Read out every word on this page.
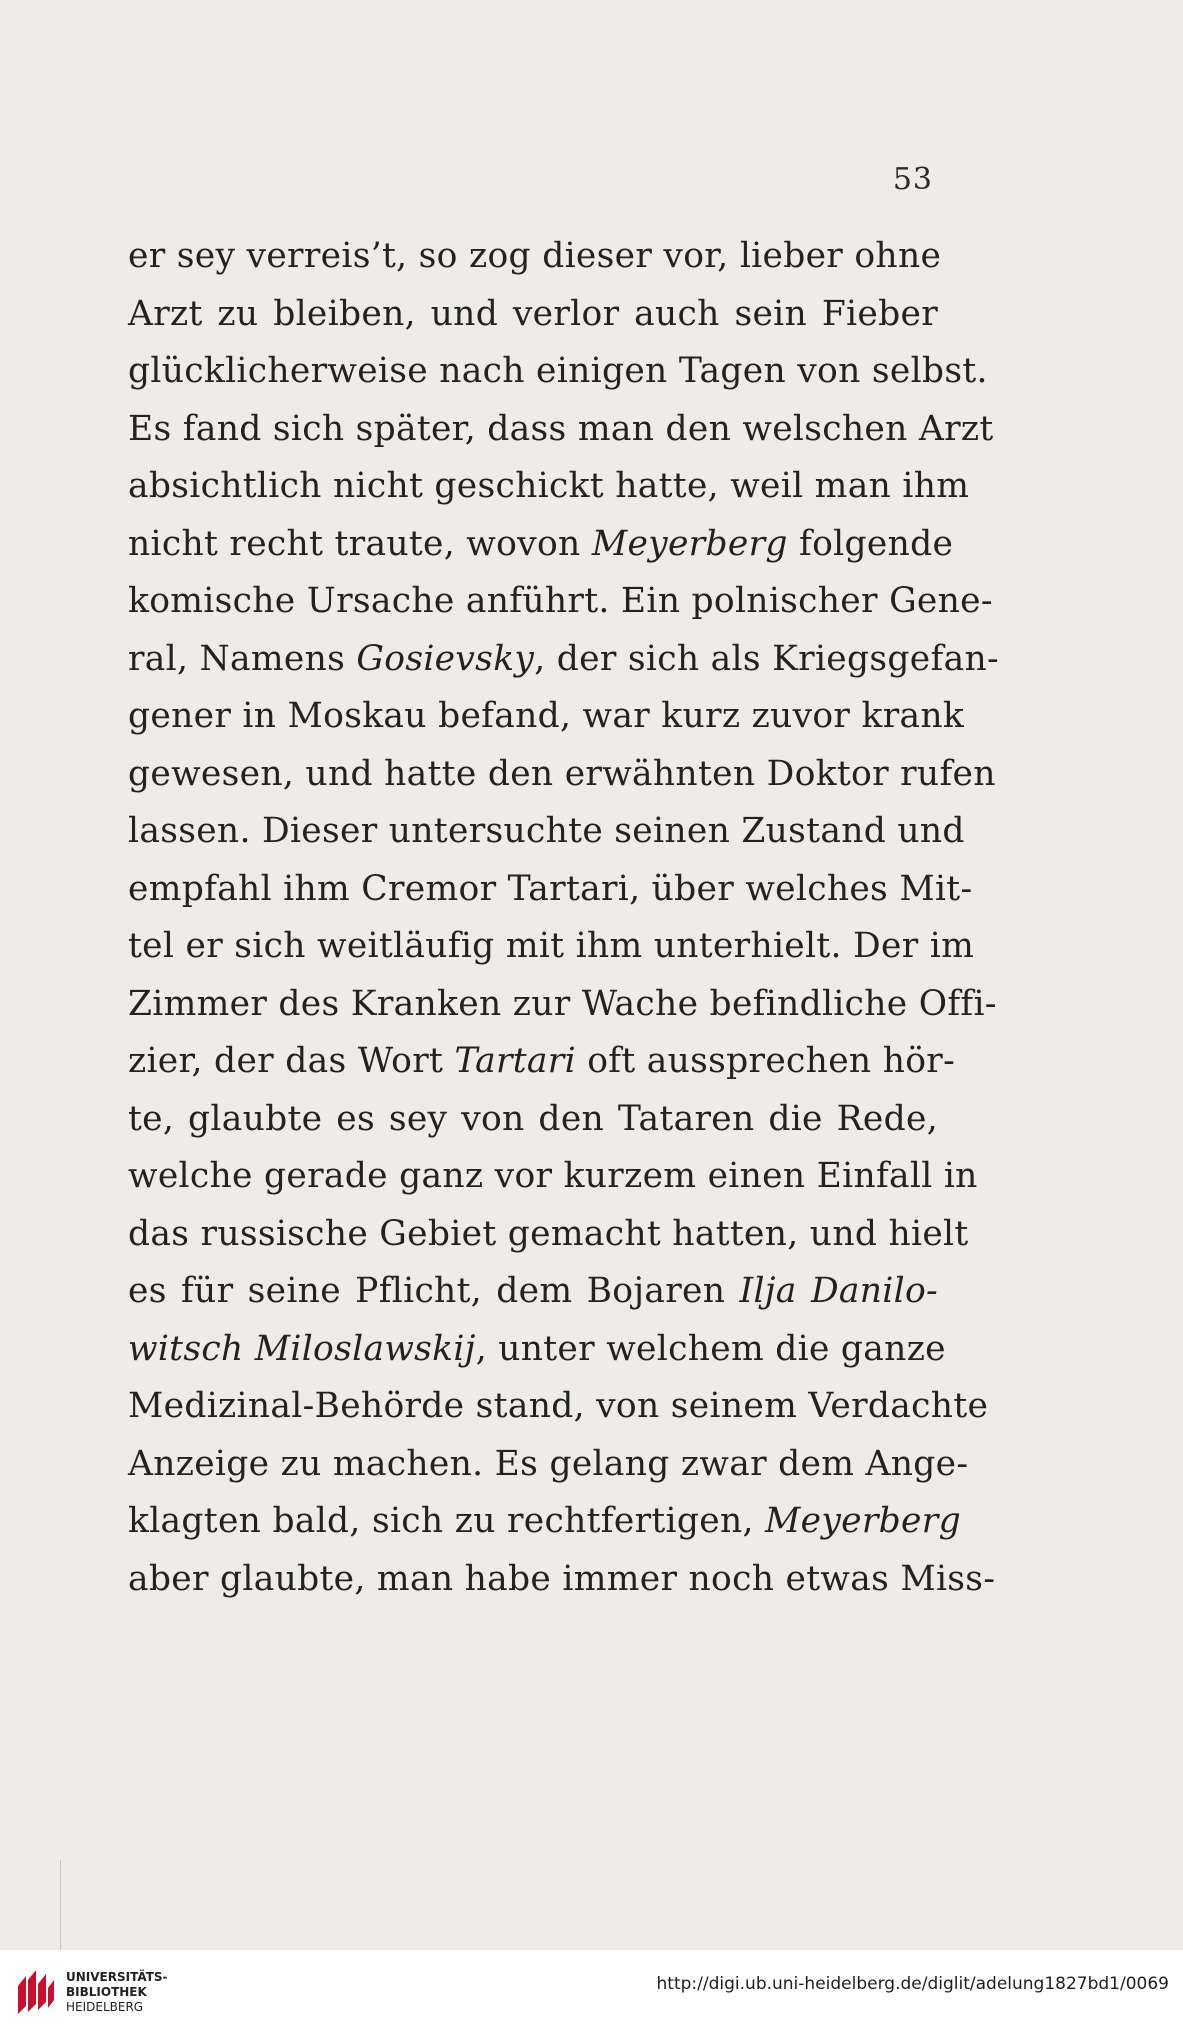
53
er sey verreis’t, so zog dieser vor, lieber ohne
Arzt zu bleiben, und verlor auch sein Fieber
glücklicherweise nach einigen Tagen von selbst.
Es fand sich später, dass man den welschen Arzt
absichtlich nicht geschickt hatte, weil man ihm
nicht recht traute, wovon Meyerberg folgende
komische Ursache anführt. Ein polnischer Gene-
ral, Namens Gosievsky, der sich als Kriegsgefan-
gener in Moskau befand, war kurz zuvor krank
gewesen, und hatte den erwähnten Doktor rufen
lassen. Dieser untersuchte seinen Zustand und
empfahl ihm Cremor Tartari, über welches Mit-
tel er sich weitläufig mit ihm unterhielt. Der im
Zimmer des Kranken zur Wache befindliche Offi-
zier, der das Wort Tartari oft aussprechen hör-
te, glaubte es sey von den Tataren die Rede,
welche gerade ganz vor kurzem einen Einfall in
das russische Gebiet gemacht hatten, und hielt
es für seine Pflicht, dem Bojaren Ilja Danilo-
witsch Miloslawskij, unter welchem die ganze
Medizinal-Behörde stand, von seinem Verdachte
Anzeige zu machen. Es gelang zwar dem Ange-
klagten bald, sich zu rechtfertigen, Meyerberg
aber glaubte, man habe immer noch etwas Miss-
UNIVERSITÄTS-
BIBLIOTHEK
HEIDELBERG
http://digi.ub.uni-heidelberg.de/diglit/adelung1827bd1/0069
